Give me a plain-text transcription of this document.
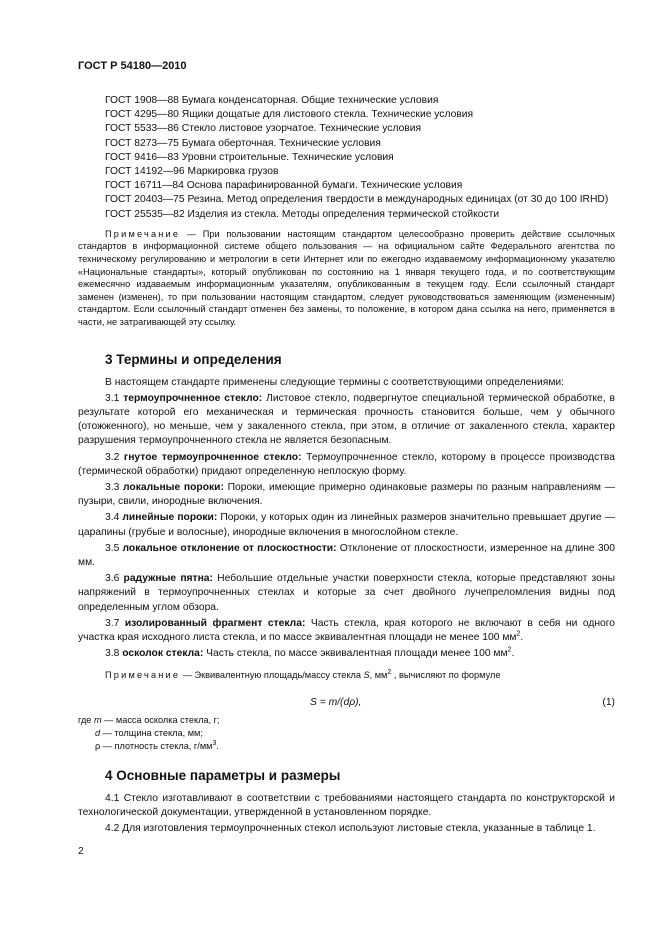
ГОСТ Р 54180—2010
ГОСТ 1908—88 Бумага конденсаторная. Общие технические условия
ГОСТ 4295—80 Ящики дощатые для листового стекла. Технические условия
ГОСТ 5533—86 Стекло листовое узорчатое. Технические условия
ГОСТ 8273—75 Бумага оберточная. Технические условия
ГОСТ 9416—83 Уровни строительные. Технические условия
ГОСТ 14192—96 Маркировка грузов
ГОСТ 16711—84 Основа парафинированной бумаги. Технические условия
ГОСТ 20403—75 Резина. Метод определения твердости в международных единицах (от 30 до 100 IRHD)
ГОСТ 25535—82 Изделия из стекла. Методы определения термической стойкости
Примечание — При пользовании настоящим стандартом целесообразно проверить действие ссылочных стандартов в информационной системе общего пользования — на официальном сайте Федерального агентства по техническому регулированию и метрологии в сети Интернет или по ежегодно издаваемому информационному указателю «Национальные стандарты», который опубликован по состоянию на 1 января текущего года, и по соответствующим ежемесячно издаваемым информационным указателям, опубликованным в текущем году. Если ссылочный стандарт заменен (изменен), то при пользовании настоящим стандартом, следует руководствоваться заменяющим (измененным) стандартом. Если ссылочный стандарт отменен без замены, то положение, в котором дана ссылка на него, применяется в части, не затрагивающей эту ссылку.
3 Термины и определения

В настоящем стандарте применены следующие термины с соответствующими определениями:

3.1 термоупрочненное стекло: Листовое стекло, подвергнутое специальной термической обработке, в результате которой его механическая и термическая прочность становится больше, чем у обычного (отожженного), но меньше, чем у закаленного стекла, при этом, в отличие от закаленного стекла, характер разрушения термоупрочненного стекла не является безопасным.

3.2 гнутое термоупрочненное стекло: Термоупрочненное стекло, которому в процессе производства (термической обработки) придают определенную неплоскую форму.

3.3 локальные пороки: Пороки, имеющие примерно одинаковые размеры по разным направлениям — пузыри, свили, инородные включения.

3.4 линейные пороки: Пороки, у которых один из линейных размеров значительно превышает другие — царапины (грубые и волосные), инородные включения в многослойном стекле.

3.5 локальное отклонение от плоскостности: Отклонение от плоскостности, измеренное на длине 300 мм.

3.6 радужные пятна: Небольшие отдельные участки поверхности стекла, которые представляют зоны напряжений в термоупрочненных стеклах и которые за счет двойного лучепреломления видны под определенным углом обзора.

3.7 изолированный фрагмент стекла: Часть стекла, края которого не включают в себя ни одного участка края исходного листа стекла, и по массе эквивалентная площади не менее 100 $мм^2$.

3.8 осколок стекла: Часть стекла, по массе эквивалентная площади менее 100 $мм^2$.

Примечание — Эквивалентную площадь/массу стекла S, $мм^2$ , вычисляют по формуле
S = m/(dρ),	(1)
где m — масса осколка стекла, г;
d — толщина стекла, мм;
ρ — плотность стекла, $г/мм^3$.
4 Основные параметры и размеры

4.1 Стекло изготавливают в соответствии с требованиями настоящего стандарта по конструкторской и технологической документации, утвержденной в установленном порядке.

4.2 Для изготовления термоупрочненных стекол используют листовые стекла, указанные в таблице 1.

2
